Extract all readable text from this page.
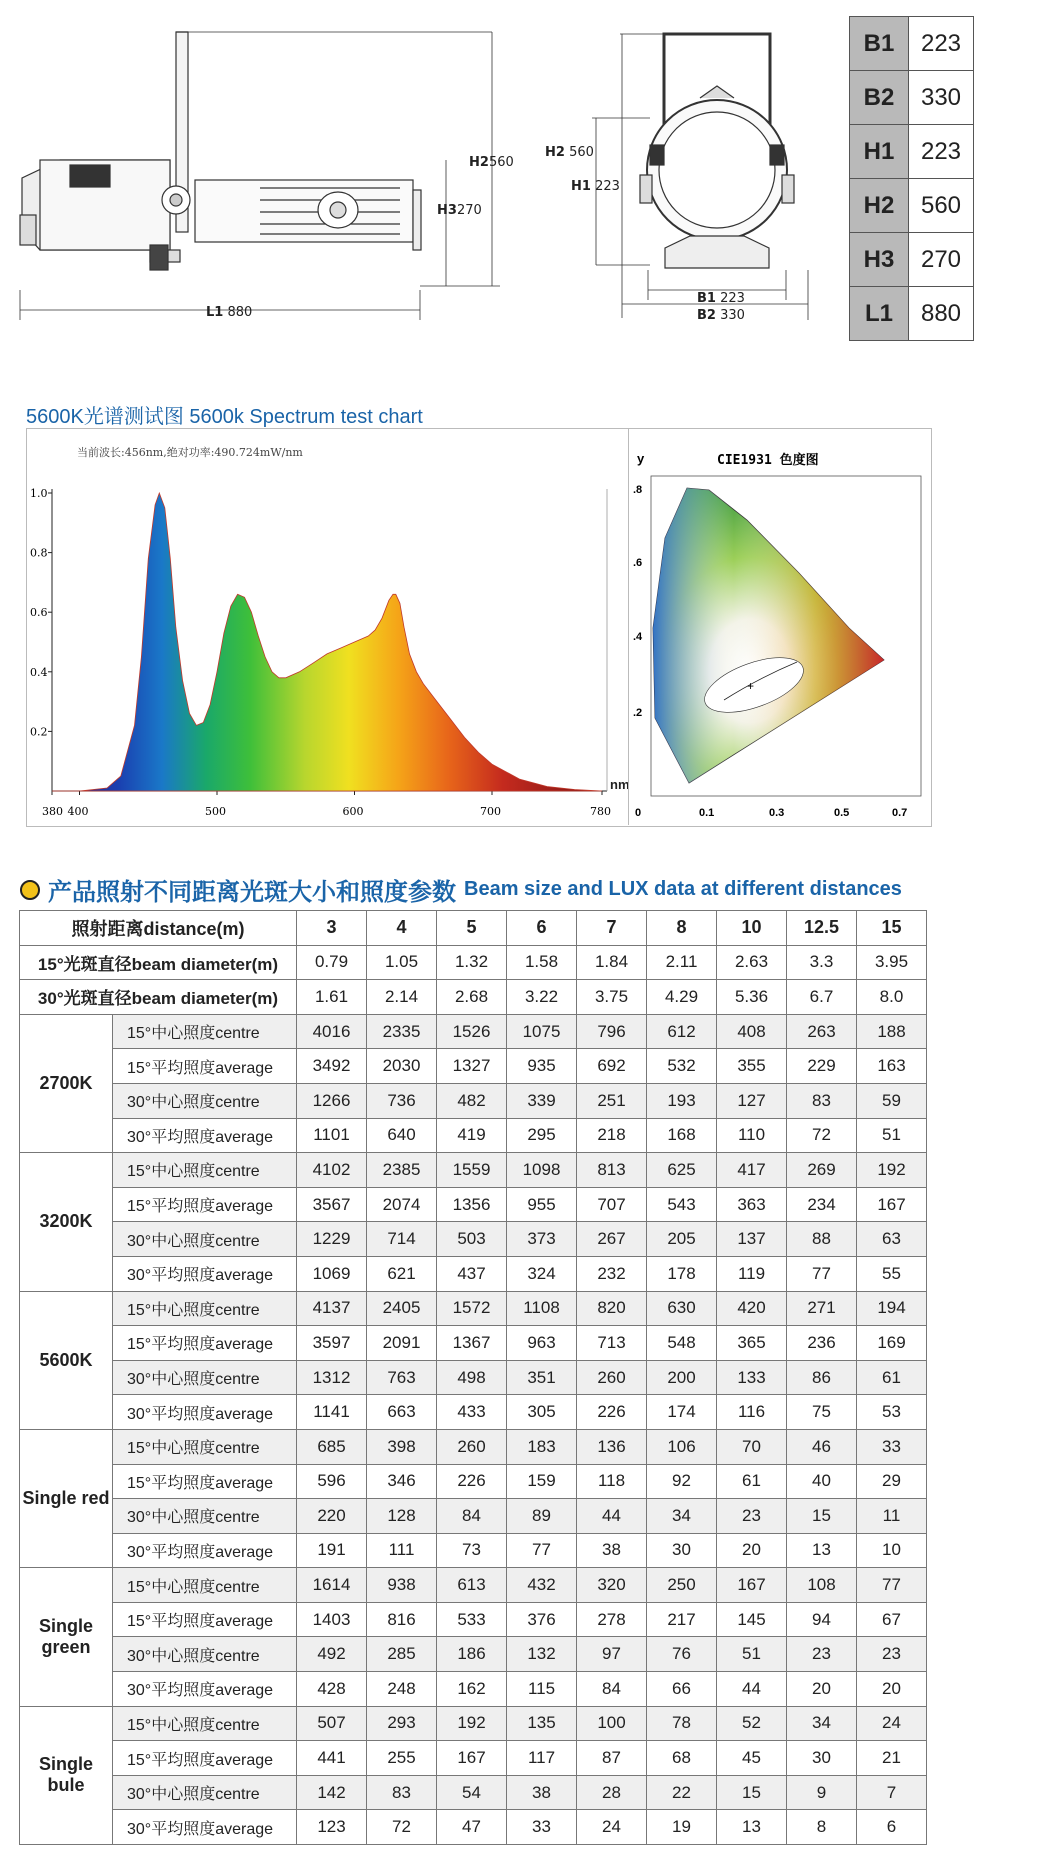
H2560
H3270
L1 880
H2 560
H1 223
B1 223
B2 330
B1	223
B2	330
H1	223
H2	560
H3	270
L1	880
5600K光谱测试图 5600k Spectrum test chart
当前波长:456nm,绝对功率:490.724mW/nm
1.0
0.8
0.6
0.4
0.2
380 400	500	600	700	780
nm
y	CIE1931 色度图
+
.8
.6
.4
.2
0	0.1	0.3	0.5	0.7
产品照射不同距离光斑大小和照度参数 Beam size and LUX data at different distances
照射距离distance(m)		3	4	5	6	7	8	10	12.5	15
15°光斑直径beam diameter(m)		0.79	1.05	1.32	1.58	1.84	2.11	2.63	3.3	3.95
30°光斑直径beam diameter(m)		1.61	2.14	2.68	3.22	3.75	4.29	5.36	6.7	8.0
2700K	15°中心照度centre	4016	2335	1526	1075	796	612	408	263	188
	15°平均照度average	3492	2030	1327	935	692	532	355	229	163
	30°中心照度centre	1266	736	482	339	251	193	127	83	59
	30°平均照度average	1101	640	419	295	218	168	110	72	51
3200K	15°中心照度centre	4102	2385	1559	1098	813	625	417	269	192
	15°平均照度average	3567	2074	1356	955	707	543	363	234	167
	30°中心照度centre	1229	714	503	373	267	205	137	88	63
	30°平均照度average	1069	621	437	324	232	178	119	77	55
5600K	15°中心照度centre	4137	2405	1572	1108	820	630	420	271	194
	15°平均照度average	3597	2091	1367	963	713	548	365	236	169
	30°中心照度centre	1312	763	498	351	260	200	133	86	61
	30°平均照度average	1141	663	433	305	226	174	116	75	53
Single red	15°中心照度centre	685	398	260	183	136	106	70	46	33
	15°平均照度average	596	346	226	159	118	92	61	40	29
	30°中心照度centre	220	128	84	89	44	34	23	15	11
	30°平均照度average	191	111	73	77	38	30	20	13	10
Single green	15°中心照度centre	1614	938	613	432	320	250	167	108	77
	15°平均照度average	1403	816	533	376	278	217	145	94	67
	30°中心照度centre	492	285	186	132	97	76	51	23	23
	30°平均照度average	428	248	162	115	84	66	44	20	20
Single bule	15°中心照度centre	507	293	192	135	100	78	52	34	24
	15°平均照度average	441	255	167	117	87	68	45	30	21
	30°中心照度centre	142	83	54	38	28	22	15	9	7
	30°平均照度average	123	72	47	33	24	19	13	8	6
